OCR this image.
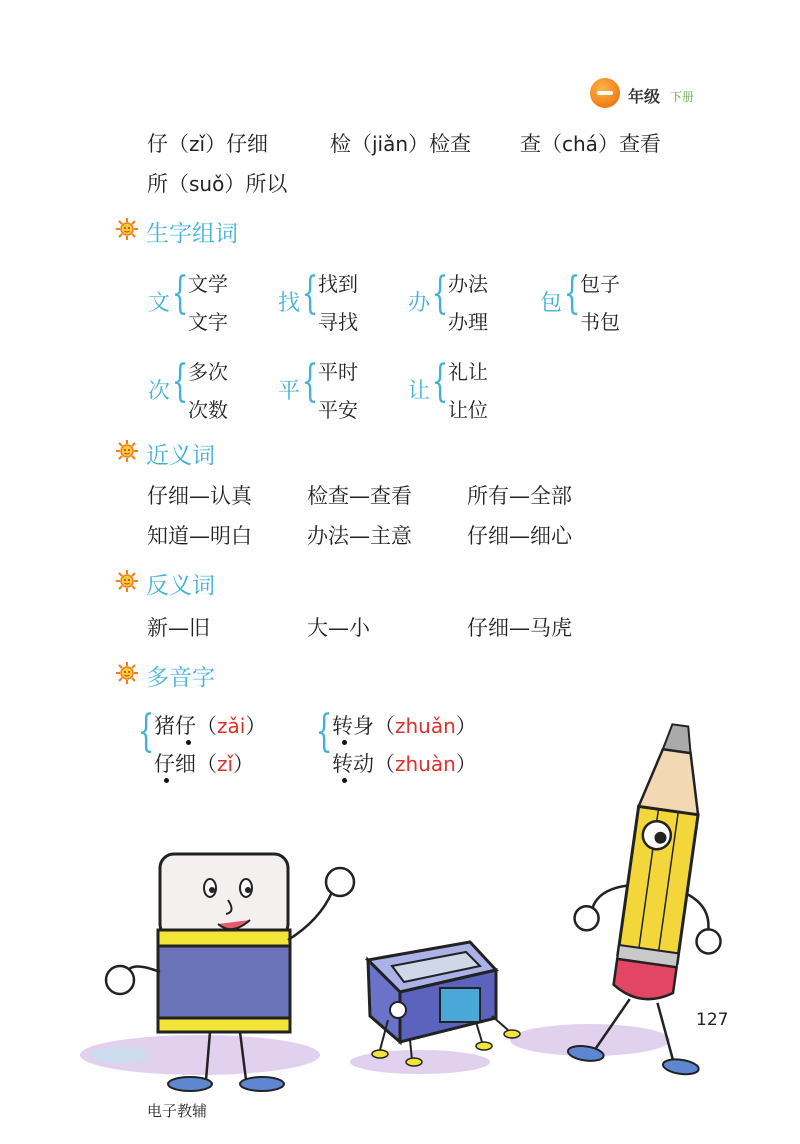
年级 下册
仔（zǐ）仔细	检（jiǎn）检查 查（chá）查看
所（suǒ）所以
生字组词
文 { 文学
文字
找 { 找到
寻找
办 { 办法
办理
包 { 包子
书包
次 { 多次
次数
平 { 平时
平安
让 { 礼让
让位
近义词
仔细—认真	检查—查看	所有—全部
知道—明白	办法—主意	仔细—细心
反义词
新—旧	大—小	仔细—马虎
多音字
{ 猪仔（zǎi）
仔细（zǐ）
{ 转身（zhuǎn）
转动（zhuàn）
127
电子教辅
